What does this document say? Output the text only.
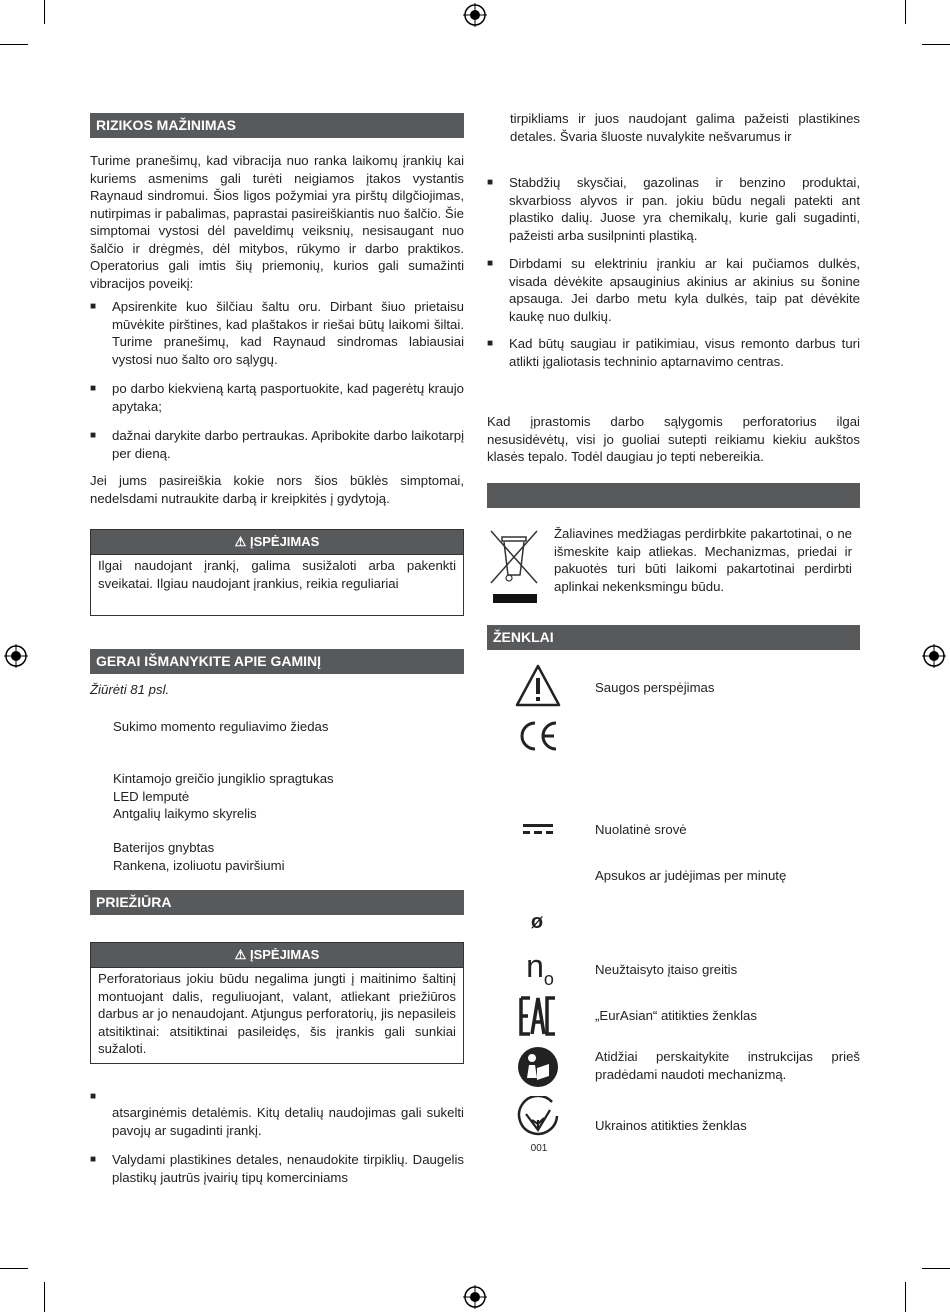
RIZIKOS MAŽINIMAS
Turime pranešimų, kad vibracija nuo ranka laikomų įrankių kai kuriems asmenims gali turėti neigiamos įtakos vystantis Raynaud sindromui. Šios ligos požymiai yra pirštų dilgčiojimas, nutirpimas ir pabalimas, paprastai pasireiškiantis nuo šalčio. Šie simptomai vystosi dėl paveldimų veiksnių, nesisaugant nuo šalčio ir drėgmės, dėl mitybos, rūkymo ir darbo praktikos. Operatorius gali imtis šių priemonių, kurios gali sumažinti vibracijos poveikį:
■ Apsirenkite kuo šilčiau šaltu oru. Dirbant šiuo prietaisu mūvėkite pirštines, kad plaštakos ir riešai būtų laikomi šiltai. Turime pranešimų, kad Raynaud sindromas labiausiai vystosi nuo šalto oro sąlygų.
■ po darbo kiekvieną kartą pasportuokite, kad pagerėtų kraujo apytaka;
■ dažnai darykite darbo pertraukas. Apribokite darbo laikotarpį per dieną.
Jei jums pasireiškia kokie nors šios būklės simptomai, nedelsdami nutraukite darbą ir kreipkitės į gydytoją.
⚠ ĮSPĖJIMAS
Ilgai naudojant įrankį, galima susižaloti arba pakenkti sveikatai. Ilgiau naudojant įrankius, reikia reguliariai
GERAI IŠMANYKITE APIE GAMINĮ
Žiūrėti 81 psl.
Sukimo momento reguliavimo žiedas
Kintamojo greičio jungiklio spragtukas
LED lemputė
Antgalių laikymo skyrelis
Baterijos gnybtas
Rankena, izoliuotu paviršiumi
PRIEŽIŪRA
⚠ ĮSPĖJIMAS
Perforatoriaus jokiu būdu negalima jungti į maitinimo šaltinį montuojant dalis, reguliuojant, valant, atliekant priežiūros darbus ar jo nenaudojant. Atjungus perforatorių, jis nepasileis atsitiktinai: atsitiktinai pasileidęs, šis įrankis gali sunkiai sužaloti.
■
atsarginėmis detalėmis. Kitų detalių naudojimas gali sukelti pavojų ar sugadinti įrankį.
■ Valydami plastikines detales, nenaudokite tirpiklių. Daugelis plastikų jautrūs įvairių tipų komerciniams
tirpikliams ir juos naudojant galima pažeisti plastikines detales. Švaria šluoste nuvalykite nešvarumus ir
■ Stabdžių skysčiai, gazolinas ir benzino produktai, skvarbioss alyvos ir pan. jokiu būdu negali patekti ant plastiko dalių. Juose yra chemikalų, kurie gali sugadinti, pažeisti arba susilpninti plastiką.
■ Dirbdami su elektriniu įrankiu ar kai pučiamos dulkės, visada dėvėkite apsauginius akinius ar akinius su šonine apsauga. Jei darbo metu kyla dulkės, taip pat dėvėkite kaukę nuo dulkių.
■ Kad būtų saugiau ir patikimiau, visus remonto darbus turi atlikti įgaliotasis techninio aptarnavimo centras.
Kad įprastomis darbo sąlygomis perforatorius ilgai nesusidėvėtų, visi jo guoliai sutepti reikiamu kiekiu aukštos klasės tepalo. Todėl daugiau jo tepti nebereikia.
Žaliavines medžiagas perdirbkite pakartotinai, o ne išmeskite kaip atliekas. Mechanizmas, priedai ir pakuotės turi būti laikomi pakartotinai perdirbti aplinkai nekenksmingu būdu.
ŽENKLAI
Saugos perspėjimas
Nuolatinė srovė
Apsukos ar judėjimas per minutę
ø
no	Neužtaisyto įtaiso greitis
„EurAsian“ atitikties ženklas
Atidžiai perskaitykite instrukcijas prieš pradėdami naudoti mechanizmą.
001
Ukrainos atitikties ženklas
